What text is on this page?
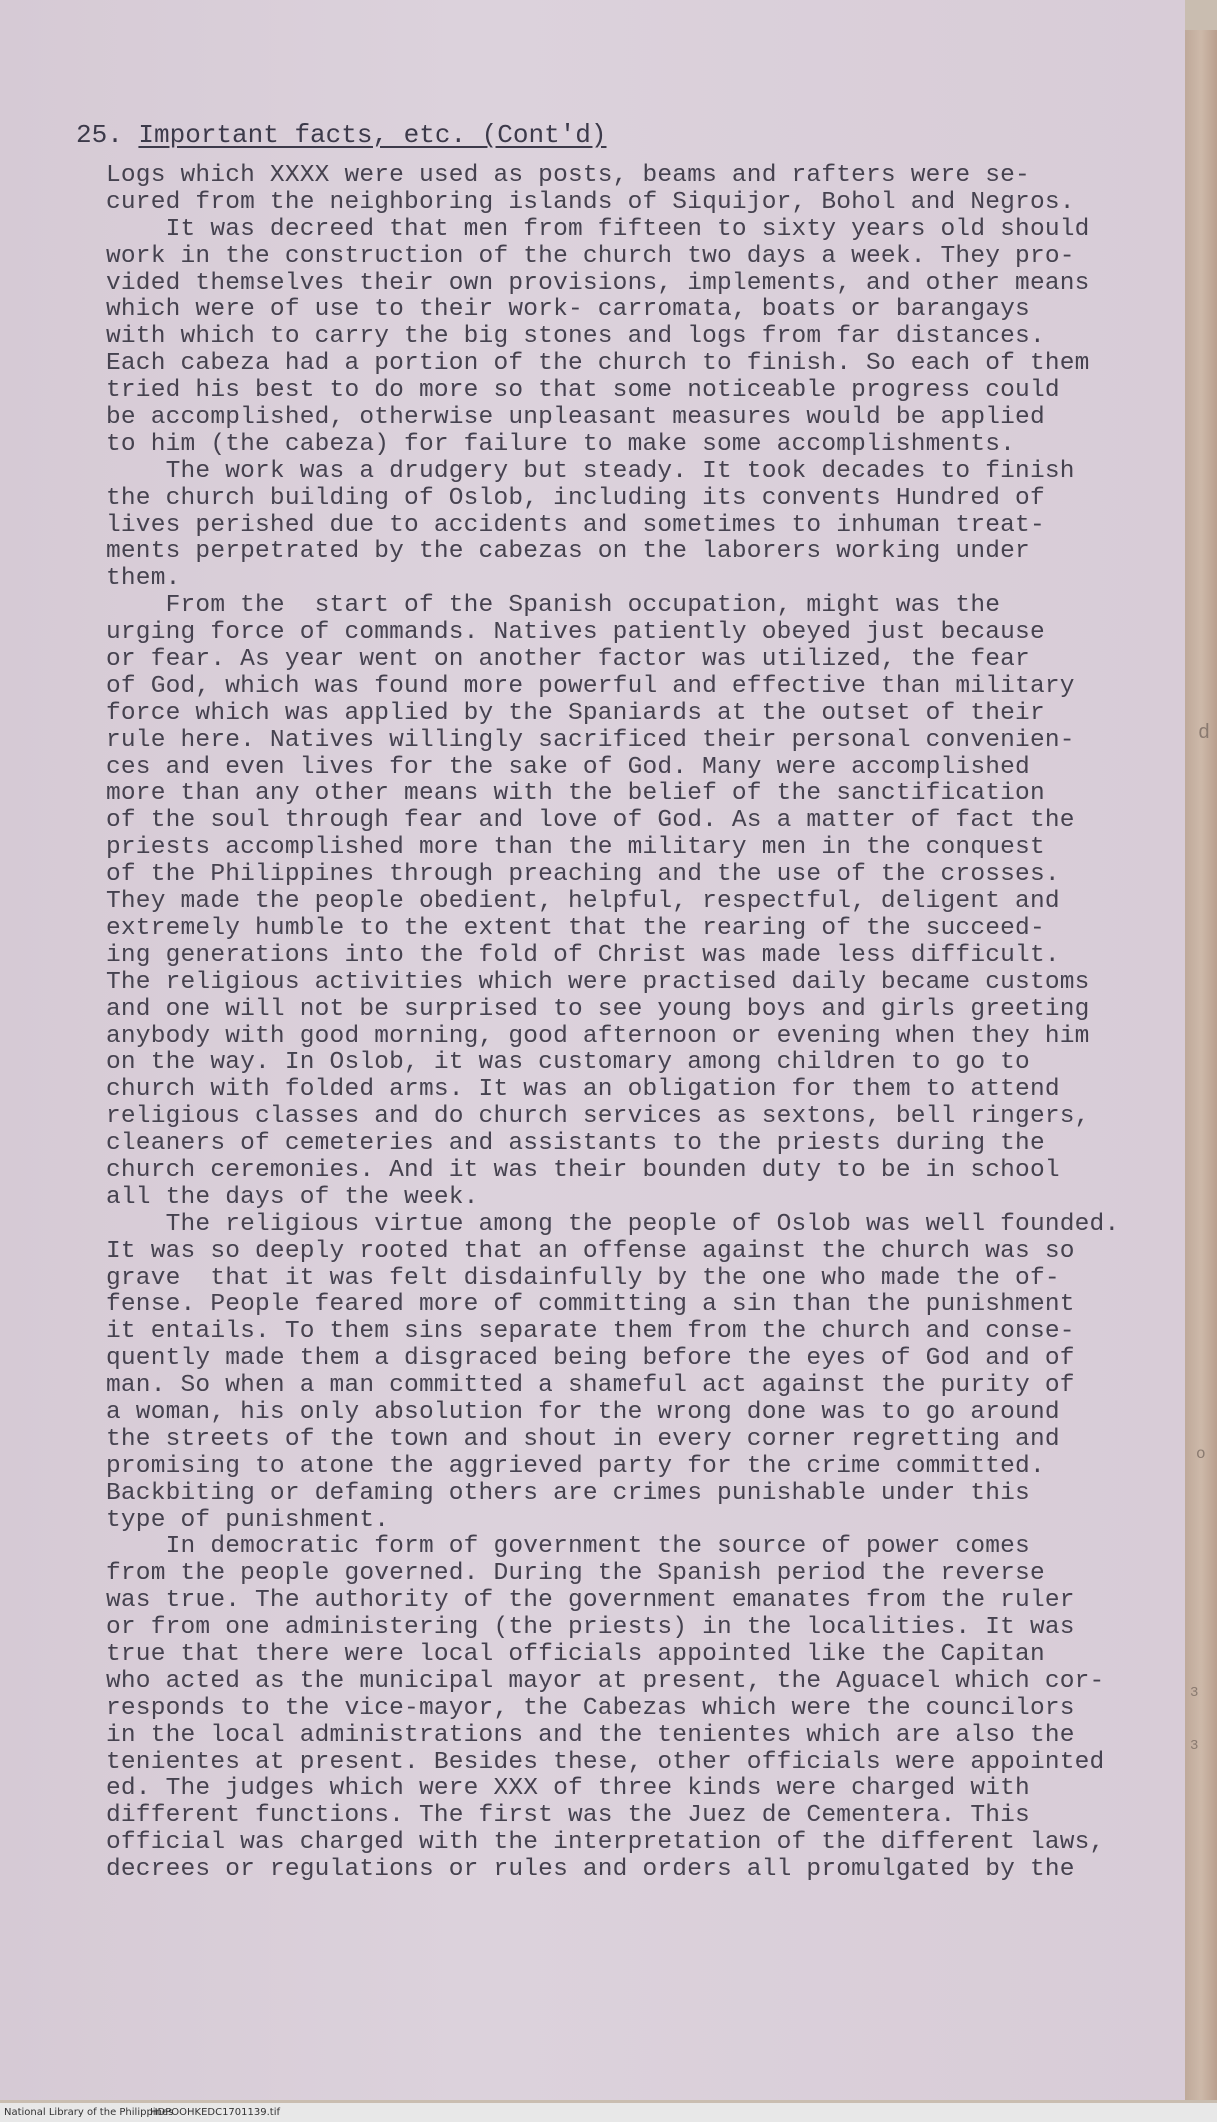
25. Important facts, etc. (Cont'd)
Logs which XXXX were used as posts, beams and rafters were se-
cured from the neighboring islands of Siquijor, Bohol and Negros.
It was decreed that men from fifteen to sixty years old should
work in the construction of the church two days a week. They pro-
vided themselves their own provisions, implements, and other means
which were of use to their work- carromata, boats or barangays
with which to carry the big stones and logs from far distances.
Each cabeza had a portion of the church to finish. So each of them
tried his best to do more so that some noticeable progress could
be accomplished, otherwise unpleasant measures would be applied
to him (the cabeza) for failure to make some accomplishments.
The work was a drudgery but steady. It took decades to finish
the church building of Oslob, including its convents Hundred of
lives perished due to accidents and sometimes to inhuman treat-
ments perpetrated by the cabezas on the laborers working under
them.
From the  start of the Spanish occupation, might was the
urging force of commands. Natives patiently obeyed just because
or fear. As year went on another factor was utilized, the fear
of God, which was found more powerful and effective than military
force which was applied by the Spaniards at the outset of their
rule here. Natives willingly sacrificed their personal convenien-
ces and even lives for the sake of God. Many were accomplished
more than any other means with the belief of the sanctification
of the soul through fear and love of God. As a matter of fact the
priests accomplished more than the military men in the conquest
of the Philippines through preaching and the use of the crosses.
They made the people obedient, helpful, respectful, deligent and
extremely humble to the extent that the rearing of the succeed-
ing generations into the fold of Christ was made less difficult.
The religious activities which were practised daily became customs
and one will not be surprised to see young boys and girls greeting
anybody with good morning, good afternoon or evening when they him
on the way. In Oslob, it was customary among children to go to
church with folded arms. It was an obligation for them to attend
religious classes and do church services as sextons, bell ringers,
cleaners of cemeteries and assistants to the priests during the
church ceremonies. And it was their bounden duty to be in school
all the days of the week.
The religious virtue among the people of Oslob was well founded.
It was so deeply rooted that an offense against the church was so
grave  that it was felt disdainfully by the one who made the of-
fense. People feared more of committing a sin than the punishment
it entails. To them sins separate them from the church and conse-
quently made them a disgraced being before the eyes of God and of
man. So when a man committed a shameful act against the purity of
a woman, his only absolution for the wrong done was to go around
the streets of the town and shout in every corner regretting and
promising to atone the aggrieved party for the crime committed.
Backbiting or defaming others are crimes punishable under this
type of punishment.
In democratic form of government the source of power comes
from the people governed. During the Spanish period the reverse
was true. The authority of the government emanates from the ruler
or from one administering (the priests) in the localities. It was
true that there were local officials appointed like the Capitan
who acted as the municipal mayor at present, the Aguacel which cor-
responds to the vice-mayor, the Cabezas which were the councilors
in the local administrations and the tenientes which are also the
tenientes at present. Besides these, other officials were appointed
ed. The judges which were XXX of three kinds were charged with
different functions. The first was the Juez de Cementera. This
official was charged with the interpretation of the different laws,
decrees or regulations or rules and orders all promulgated by the
d
o
3
3
National Library of the Philippines
HDPOOHKEDC1701139.tif
